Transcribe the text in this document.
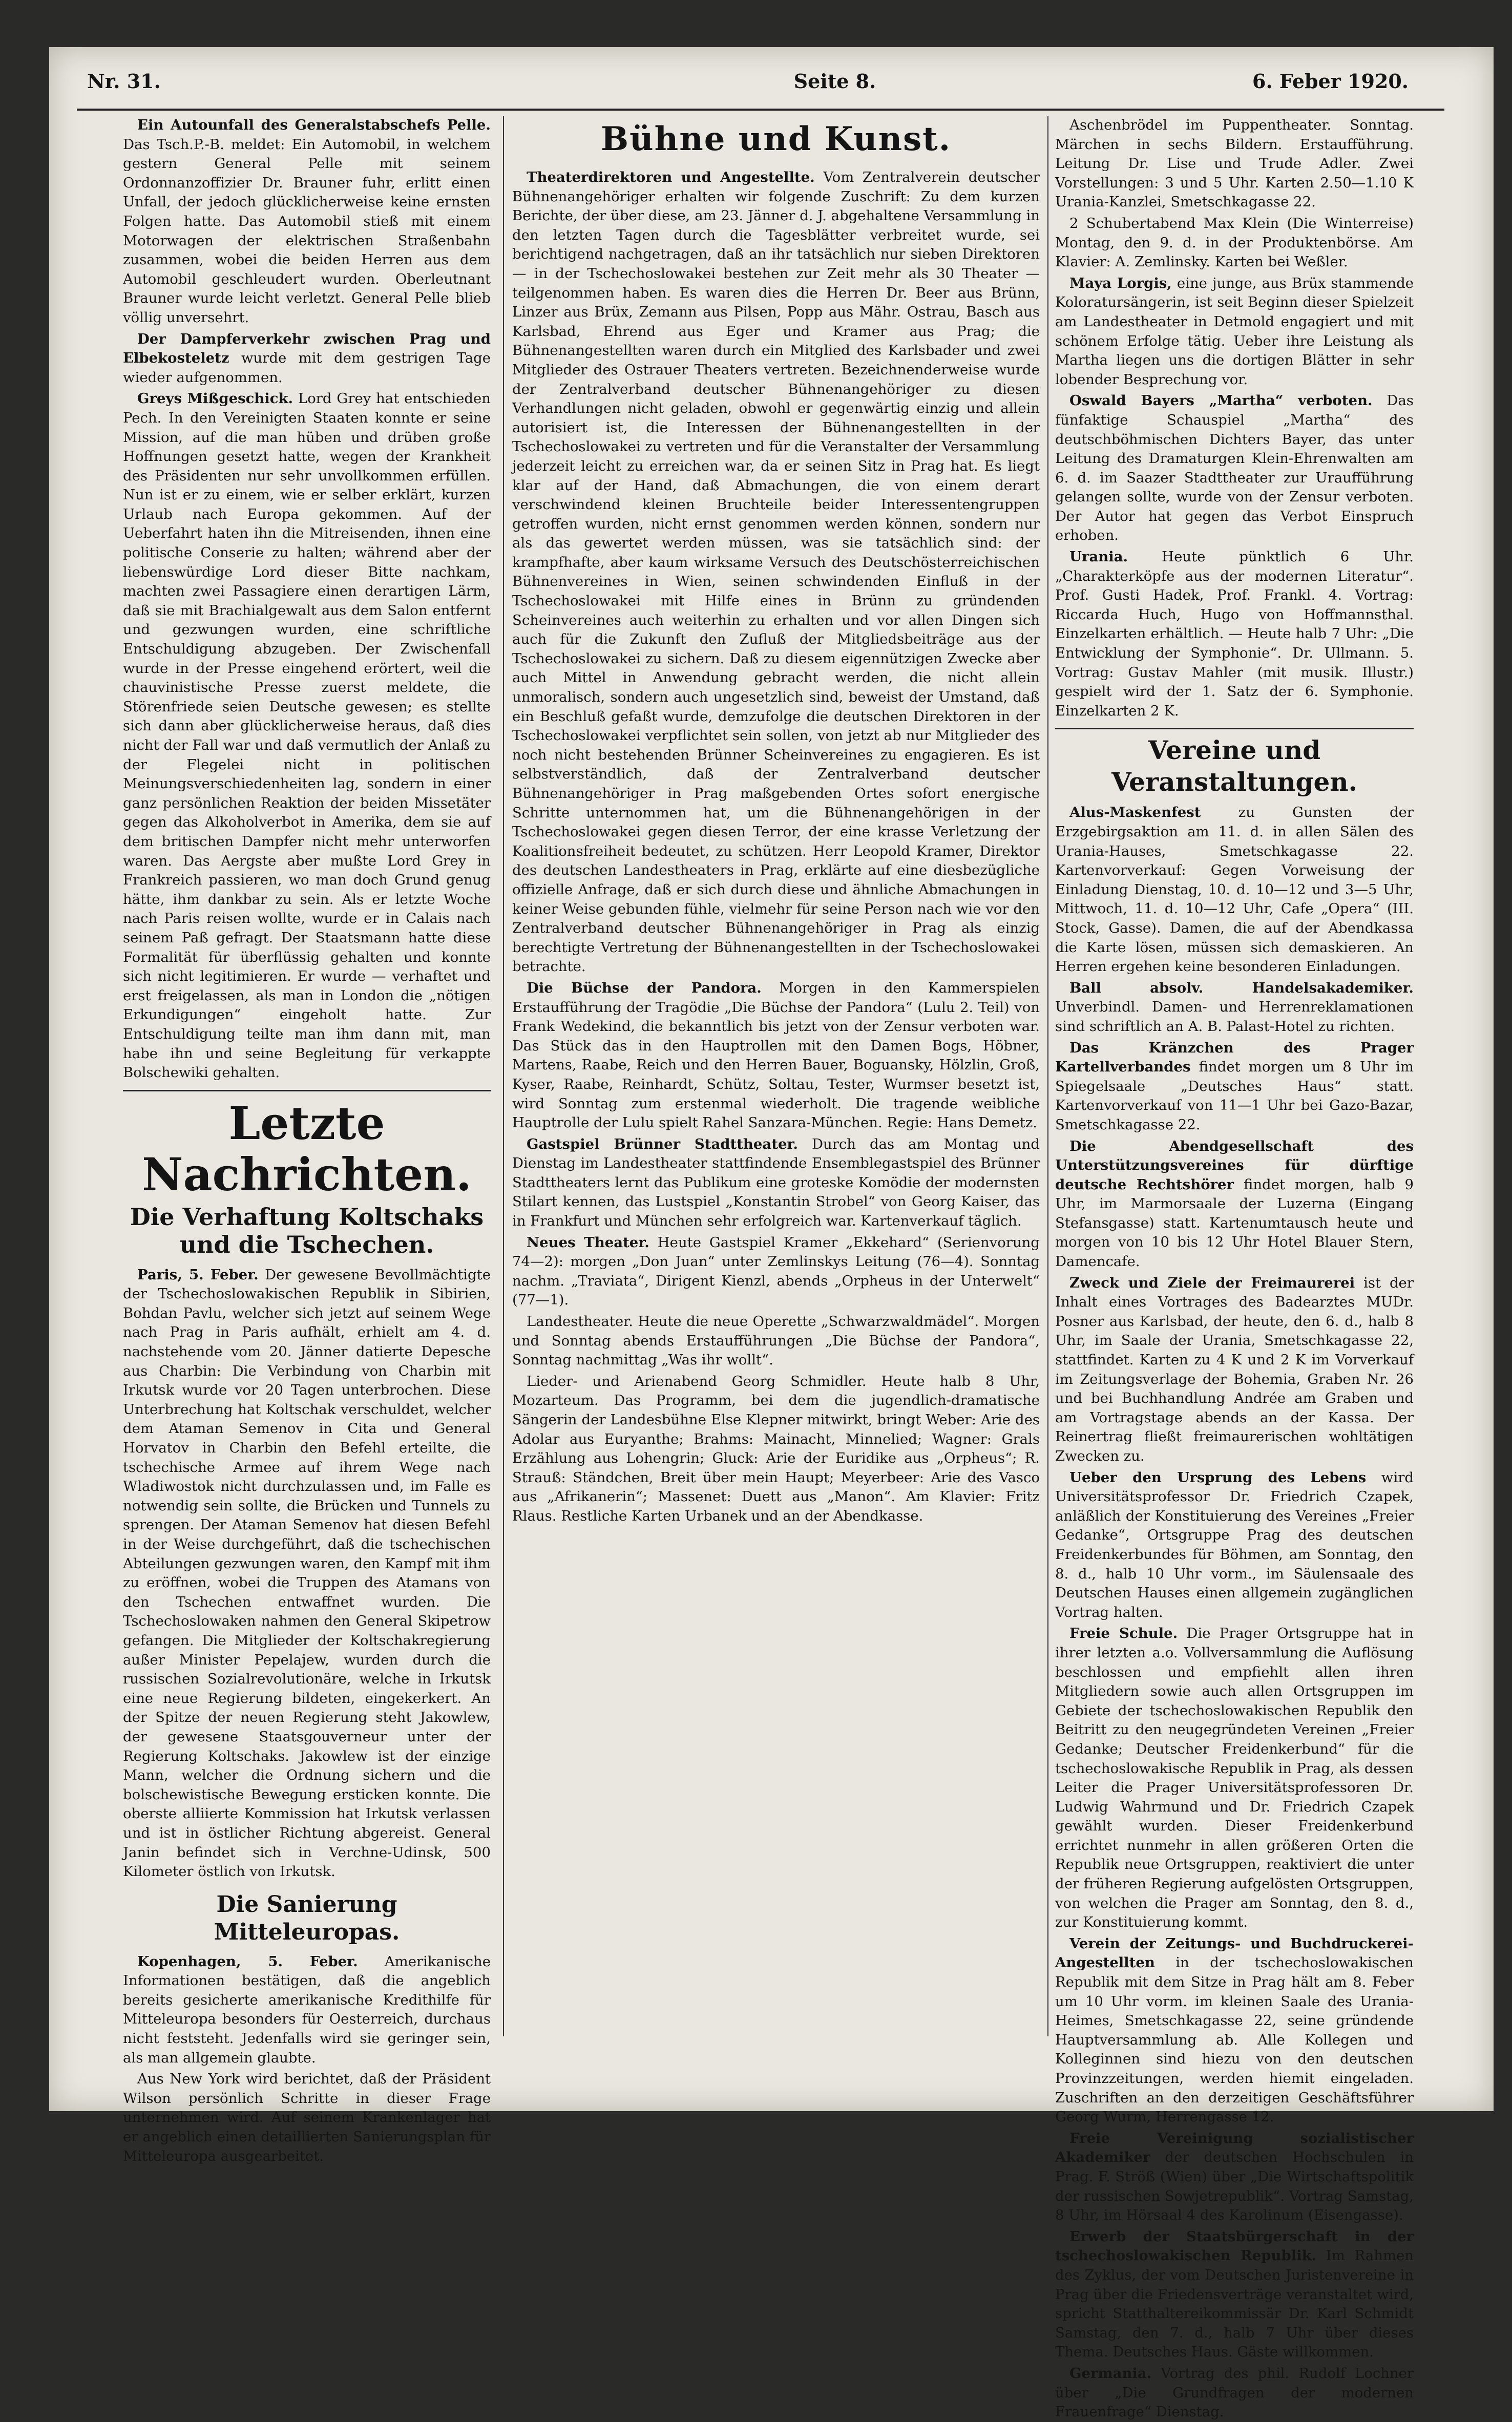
Nr. 31.	Seite 8.	6. Feber 1920.

Ein Autounfall des Generalstabschefs Pelle. Das Tsch.P.-B. meldet: Ein Automobil, in welchem gestern General Pelle mit seinem Ordonnanzoffizier Dr. Brauner fuhr, erlitt einen Unfall, der jedoch glücklicherweise keine ernsten Folgen hatte. Das Automobil stieß mit einem Motorwagen der elektrischen Straßenbahn zusammen, wobei die beiden Herren aus dem Automobil geschleudert wurden. Oberleutnant Brauner wurde leicht verletzt. General Pelle blieb völlig unversehrt.

Der Dampferverkehr zwischen Prag und Elbekosteletz wurde mit dem gestrigen Tage wieder aufgenommen.

Greys Mißgeschick. Lord Grey hat entschieden Pech. In den Vereinigten Staaten konnte er seine Mission, auf die man hüben und drüben große Hoffnungen gesetzt hatte, wegen der Krankheit des Präsidenten nur sehr unvollkommen erfüllen. Nun ist er zu einem, wie er selber erklärt, kurzen Urlaub nach Europa gekommen. Auf der Ueberfahrt haten ihn die Mitreisenden, ihnen eine politische Conserie zu halten; während aber der liebenswürdige Lord dieser Bitte nachkam, machten zwei Passagiere einen derartigen Lärm, daß sie mit Brachialgewalt aus dem Salon entfernt und gezwungen wurden, eine schriftliche Entschuldigung abzugeben. Der Zwischenfall wurde in der Presse eingehend erörtert, weil die chauvinistische Presse zuerst meldete, die Störenfriede seien Deutsche gewesen; es stellte sich dann aber glücklicherweise heraus, daß dies nicht der Fall war und daß vermutlich der Anlaß zu der Flegelei nicht in politischen Meinungsverschiedenheiten lag, sondern in einer ganz persönlichen Reaktion der beiden Missetäter gegen das Alkoholverbot in Amerika, dem sie auf dem britischen Dampfer nicht mehr unterworfen waren. Das Aergste aber mußte Lord Grey in Frankreich passieren, wo man doch Grund genug hätte, ihm dankbar zu sein. Als er letzte Woche nach Paris reisen wollte, wurde er in Calais nach seinem Paß gefragt. Der Staatsmann hatte diese Formalität für überflüssig gehalten und konnte sich nicht legitimieren. Er wurde — verhaftet und erst freigelassen, als man in London die „nötigen Erkundigungen“ eingeholt hatte. Zur Entschuldigung teilte man ihm dann mit, man habe ihn und seine Begleitung für verkappte Bolschewiki gehalten.

Letzte Nachrichten.
Die Verhaftung Koltschaks
und die Tschechen.

Paris, 5. Feber. Der gewesene Bevollmächtigte der Tschechoslowakischen Republik in Sibirien, Bohdan Pavlu, welcher sich jetzt auf seinem Wege nach Prag in Paris aufhält, erhielt am 4. d. nachstehende vom 20. Jänner datierte Depesche aus Charbin: Die Verbindung von Charbin mit Irkutsk wurde vor 20 Tagen unterbrochen. Diese Unterbrechung hat Koltschak verschuldet, welcher dem Ataman Semenov in Cita und General Horvatov in Charbin den Befehl erteilte, die tschechische Armee auf ihrem Wege nach Wladiwostok nicht durchzulassen und, im Falle es notwendig sein sollte, die Brücken und Tunnels zu sprengen. Der Ataman Semenov hat diesen Befehl in der Weise durchgeführt, daß die tschechischen Abteilungen gezwungen waren, den Kampf mit ihm zu eröffnen, wobei die Truppen des Atamans von den Tschechen entwaffnet wurden. Die Tschechoslowaken nahmen den General Skipetrow gefangen. Die Mitglieder der Koltschakregierung außer Minister Pepelajew, wurden durch die russischen Sozialrevolutionäre, welche in Irkutsk eine neue Regierung bildeten, eingekerkert. An der Spitze der neuen Regierung steht Jakowlew, der gewesene Staatsgouverneur unter der Regierung Koltschaks. Jakowlew ist der einzige Mann, welcher die Ordnung sichern und die bolschewistische Bewegung ersticken konnte. Die oberste alliierte Kommission hat Irkutsk verlassen und ist in östlicher Richtung abgereist. General Janin befindet sich in Verchne-Udinsk, 500 Kilometer östlich von Irkutsk.

Die Sanierung Mitteleuropas.

Kopenhagen, 5. Feber. Amerikanische Informationen bestätigen, daß die angeblich bereits gesicherte amerikanische Kredithilfe für Mitteleuropa besonders für Oesterreich, durchaus nicht feststeht. Jedenfalls wird sie geringer sein, als man allgemein glaubte.

Aus New York wird berichtet, daß der Präsident Wilson persönlich Schritte in dieser Frage unternehmen wird. Auf seinem Krankenlager hat er angeblich einen detaillierten Sanierungsplan für Mitteleuropa ausgearbeitet.

Bühne und Kunst.

Theaterdirektoren und Angestellte. Vom Zentralverein deutscher Bühnenangehöriger erhalten wir folgende Zuschrift: Zu dem kurzen Berichte, der über diese, am 23. Jänner d. J. abgehaltene Versammlung in den letzten Tagen durch die Tagesblätter verbreitet wurde, sei berichtigend nachgetragen, daß an ihr tatsächlich nur sieben Direktoren — in der Tschechoslowakei bestehen zur Zeit mehr als 30 Theater — teilgenommen haben. Es waren dies die Herren Dr. Beer aus Brünn, Linzer aus Brüx, Zemann aus Pilsen, Popp aus Mähr. Ostrau, Basch aus Karlsbad, Ehrend aus Eger und Kramer aus Prag; die Bühnenangestellten waren durch ein Mitglied des Karlsbader und zwei Mitglieder des Ostrauer Theaters vertreten. Bezeichnenderweise wurde der Zentralverband deutscher Bühnenangehöriger zu diesen Verhandlungen nicht geladen, obwohl er gegenwärtig einzig und allein autorisiert ist, die Interessen der Bühnenangestellten in der Tschechoslowakei zu vertreten und für die Veranstalter der Versammlung jederzeit leicht zu erreichen war, da er seinen Sitz in Prag hat. Es liegt klar auf der Hand, daß Abmachungen, die von einem derart verschwindend kleinen Bruchteile beider Interessentengruppen getroffen wurden, nicht ernst genommen werden können, sondern nur als das gewertet werden müssen, was sie tatsächlich sind: der krampfhafte, aber kaum wirksame Versuch des Deutschösterreichischen Bühnenvereines in Wien, seinen schwindenden Einfluß in der Tschechoslowakei mit Hilfe eines in Brünn zu gründenden Scheinvereines auch weiterhin zu erhalten und vor allen Dingen sich auch für die Zukunft den Zufluß der Mitgliedsbeiträge aus der Tschechoslowakei zu sichern. Daß zu diesem eigennützigen Zwecke aber auch Mittel in Anwendung gebracht werden, die nicht allein unmoralisch, sondern auch ungesetzlich sind, beweist der Umstand, daß ein Beschluß gefaßt wurde, demzufolge die deutschen Direktoren in der Tschechoslowakei verpflichtet sein sollen, von jetzt ab nur Mitglieder des noch nicht bestehenden Brünner Scheinvereines zu engagieren. Es ist selbstverständlich, daß der Zentralverband deutscher Bühnenangehöriger in Prag maßgebenden Ortes sofort energische Schritte unternommen hat, um die Bühnenangehörigen in der Tschechoslowakei gegen diesen Terror, der eine krasse Verletzung der Koalitionsfreiheit bedeutet, zu schützen. Herr Leopold Kramer, Direktor des deutschen Landestheaters in Prag, erklärte auf eine diesbezügliche offizielle Anfrage, daß er sich durch diese und ähnliche Abmachungen in keiner Weise gebunden fühle, vielmehr für seine Person nach wie vor den Zentralverband deutscher Bühnenangehöriger in Prag als einzig berechtigte Vertretung der Bühnenangestellten in der Tschechoslowakei betrachte.

Die Büchse der Pandora. Morgen in den Kammerspielen Erstaufführung der Tragödie „Die Büchse der Pandora“ (Lulu 2. Teil) von Frank Wedekind, die bekanntlich bis jetzt von der Zensur verboten war. Das Stück das in den Hauptrollen mit den Damen Bogs, Höbner, Martens, Raabe, Reich und den Herren Bauer, Boguansky, Hölzlin, Groß, Kyser, Raabe, Reinhardt, Schütz, Soltau, Tester, Wurmser besetzt ist, wird Sonntag zum erstenmal wiederholt. Die tragende weibliche Hauptrolle der Lulu spielt Rahel Sanzara-München. Regie: Hans Demetz.

Gastspiel Brünner Stadttheater. Durch das am Montag und Dienstag im Landestheater stattfindende Ensemblegastspiel des Brünner Stadttheaters lernt das Publikum eine groteske Komödie der modernsten Stilart kennen, das Lustspiel „Konstantin Strobel“ von Georg Kaiser, das in Frankfurt und München sehr erfolgreich war. Kartenverkauf täglich.

Neues Theater. Heute Gastspiel Kramer „Ekkehard“ (Serienvorung 74—2): morgen „Don Juan“ unter Zemlinskys Leitung (76—4). Sonntag nachm. „Traviata“, Dirigent Kienzl, abends „Orpheus in der Unterwelt“ (77—1).

Landestheater. Heute die neue Operette „Schwarzwaldmädel“. Morgen und Sonntag abends Erstaufführungen „Die Büchse der Pandora“, Sonntag nachmittag „Was ihr wollt“.

Lieder- und Arienabend Georg Schmidler. Heute halb 8 Uhr, Mozarteum. Das Programm, bei dem die jugendlich-dramatische Sängerin der Landesbühne Else Klepner mitwirkt, bringt Weber: Arie des Adolar aus Euryanthe; Brahms: Mainacht, Minnelied; Wagner: Grals Erzählung aus Lohengrin; Gluck: Arie der Euridike aus „Orpheus“; R. Strauß: Ständchen, Breit über mein Haupt; Meyerbeer: Arie des Vasco aus „Afrikanerin“; Massenet: Duett aus „Manon“. Am Klavier: Fritz Rlaus. Restliche Karten Urbanek und an der Abendkasse.

Aschenbrödel im Puppentheater. Sonntag. Märchen in sechs Bildern. Erstaufführung. Leitung Dr. Lise und Trude Adler. Zwei Vorstellungen: 3 und 5 Uhr. Karten 2.50—1.10 K Urania-Kanzlei, Smetschkagasse 22.

2 Schubertabend Max Klein (Die Winterreise) Montag, den 9. d. in der Produktenbörse. Am Klavier: A. Zemlinsky. Karten bei Weßler.

Maya Lorgis, eine junge, aus Brüx stammende Koloratursängerin, ist seit Beginn dieser Spielzeit am Landestheater in Detmold engagiert und mit schönem Erfolge tätig. Ueber ihre Leistung als Martha liegen uns die dortigen Blätter in sehr lobender Besprechung vor.

Oswald Bayers „Martha“ verboten. Das fünfaktige Schauspiel „Martha“ des deutschböhmischen Dichters Bayer, das unter Leitung des Dramaturgen Klein-Ehrenwalten am 6. d. im Saazer Stadttheater zur Uraufführung gelangen sollte, wurde von der Zensur verboten. Der Autor hat gegen das Verbot Einspruch erhoben.

Urania. Heute pünktlich 6 Uhr. „Charakterköpfe aus der modernen Literatur“. Prof. Gusti Hadek, Prof. Frankl. 4. Vortrag: Riccarda Huch, Hugo von Hoffmannsthal. Einzelkarten erhältlich. — Heute halb 7 Uhr: „Die Entwicklung der Symphonie“. Dr. Ullmann. 5. Vortrag: Gustav Mahler (mit musik. Illustr.) gespielt wird der 1. Satz der 6. Symphonie. Einzelkarten 2 K.

Vereine und Veranstaltungen.

Alus-Maskenfest	zu Gunsten der Erzgebirgsaktion am 11. d. in allen Sälen des Urania-Hauses, Smetschkagasse 22. Kartenvorverkauf: Gegen Vorweisung der Einladung Dienstag, 10. d. 10—12 und 3—5 Uhr, Mittwoch, 11. d. 10—12 Uhr, Cafe „Opera“ (III. Stock, Gasse). Damen, die auf der Abendkassa die Karte lösen, müssen sich demaskieren. An Herren ergehen keine besonderen Einladungen.

Ball absolv. Handelsakademiker. Unverbindl. Damen- und Herrenreklamationen sind schriftlich an A. B. Palast-Hotel zu richten.

Das Kränzchen des Prager Kartellverbandes findet morgen um 8 Uhr im Spiegelsaale „Deutsches Haus“ statt. Kartenvorverkauf von 11—1 Uhr bei Gazo-Bazar, Smetschkagasse 22.

Die Abendgesellschaft des Unterstützungsvereines für dürftige deutsche Rechtshörer findet morgen, halb 9 Uhr, im Marmorsaale der Luzerna (Eingang Stefansgasse) statt. Kartenumtausch heute und morgen von 10 bis 12 Uhr Hotel Blauer Stern, Damencafe.

Zweck und Ziele der Freimaurerei ist der Inhalt eines Vortrages des Badearztes MUDr. Posner aus Karlsbad, der heute, den 6. d., halb 8 Uhr, im Saale der Urania, Smetschkagasse 22, stattfindet. Karten zu 4 K und 2 K im Vorverkauf im Zeitungsverlage der Bohemia, Graben Nr. 26 und bei Buchhandlung Andrée am Graben und am Vortragstage abends an der Kassa. Der Reinertrag fließt freimaurerischen wohltätigen Zwecken zu.

Ueber den Ursprung des Lebens wird Universitätsprofessor Dr. Friedrich Czapek, anläßlich der Konstituierung des Vereines „Freier Gedanke“, Ortsgruppe Prag des deutschen Freidenkerbundes für Böhmen, am Sonntag, den 8. d., halb 10 Uhr vorm., im Säulensaale des Deutschen Hauses einen allgemein zugänglichen Vortrag halten.

Freie Schule. Die Prager Ortsgruppe hat in ihrer letzten a.o. Vollversammlung die Auflösung beschlossen und empfiehlt allen ihren Mitgliedern sowie auch allen Ortsgruppen im Gebiete der tschechoslowakischen Republik den Beitritt zu den neugegründeten Vereinen „Freier Gedanke; Deutscher Freidenkerbund“ für die tschechoslowakische Republik in Prag, als dessen Leiter die Prager Universitätsprofessoren Dr. Ludwig Wahrmund und Dr. Friedrich Czapek gewählt wurden. Dieser Freidenkerbund errichtet nunmehr in allen größeren Orten die Republik neue Ortsgruppen, reaktiviert die unter der früheren Regierung aufgelösten Ortsgruppen, von welchen die Prager am Sonntag, den 8. d., zur Konstituierung kommt.

Verein der Zeitungs- und Buchdruckerei-Angestellten in der tschechoslowakischen Republik mit dem Sitze in Prag hält am 8. Feber um 10 Uhr vorm. im kleinen Saale des Urania-Heimes, Smetschkagasse 22, seine gründende Hauptversammlung ab. Alle Kollegen und Kolleginnen sind hiezu von den deutschen Provinzzeitungen, werden hiemit eingeladen. Zuschriften an den derzeitigen Geschäftsführer Georg Wurm, Herrengasse 12.

Freie Vereinigung sozialistischer Akademiker der deutschen Hochschulen in Prag. F. Ströß (Wien) über „Die Wirtschaftspolitik der russischen Sowjetrepublik“. Vortrag Samstag, 8 Uhr, im Hörsaal 4 des Karolinum (Eisengasse).

Erwerb der Staatsbürgerschaft in der tschechoslowakischen Republik. Im Rahmen des Zyklus, der vom Deutschen Juristenvereine in Prag über die Friedensverträge veranstaltet wird, spricht Statthaltereikommissär Dr. Karl Schmidt Samstag, den 7. d., halb 7 Uhr über dieses Thema. Deutsches Haus. Gäste willkommen.

Germania. Vortrag des phil. Rudolf Lochner über „Die Grundfragen der modernen Frauenfrage“ Dienstag.
